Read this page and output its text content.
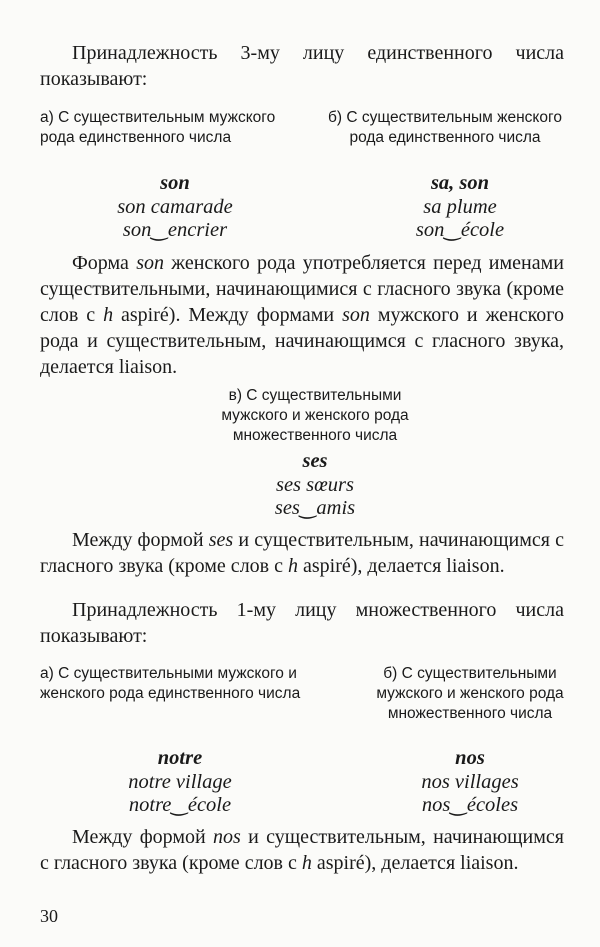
Принадлежность 3-му лицу единственного числа показывают:
а) С существительным мужского рода единственного числа
б) С существительным женского рода единственного числа
son
son camarade
son‿encrier
sa, son
sa plume
son‿école
Форма son женского рода употребляется перед именами существительными, начинающимися с гласного звука (кроме слов с h aspiré). Между формами son мужского и женского рода и существительным, начинающимся с гласного звука, делается liaison.
в) С существительными мужского и женского рода множественного числа
ses
ses sœurs
ses‿amis
Между формой ses и существительным, начинающимся с гласного звука (кроме слов с h aspiré), делается liaison.
Принадлежность 1-му лицу множественного числа показывают:
а) С существительными мужского и женского рода единственного числа
б) С существительными мужского и женского рода множественного числа
notre
notre village
notre‿école
nos
nos villages
nos‿écoles
Между формой nos и существительным, начинающимся с гласного звука (кроме слов с h aspiré), делается liaison.
30
